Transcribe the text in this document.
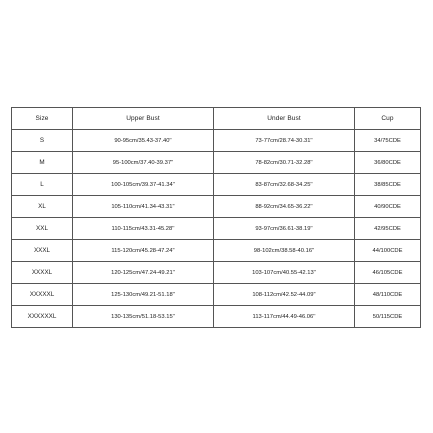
Size	Upper Bust	Under Bust	Cup
S	90-95cm/35.43-37.40''	73-77cm/28.74-30.31''	34/75CDE
M	95-100cm/37.40-39.37''	78-82cm/30.71-32.28''	36/80CDE
L	100-105cm/39.37-41.34''	83-87cm/32.68-34.25''	38/85CDE
XL	105-110cm/41.34-43.31''	88-92cm/34.65-36.22''	40/90CDE
XXL	110-115cm/43.31-45.28''	93-97cm/36.61-38.19''	42/95CDE
XXXL	115-120cm/45.28-47.24''	98-102cm/38.58-40.16''	44/100CDE
XXXXL	120-125cm/47.24-49.21''	103-107cm/40.55-42.13''	46/105CDE
XXXXXL	125-130cm/49.21-51.18''	108-112cm/42.52-44.09''	48/110CDE
XXXXXXL	130-135cm/51.18-53.15''	113-117cm/44.49-46.06''	50/115CDE
